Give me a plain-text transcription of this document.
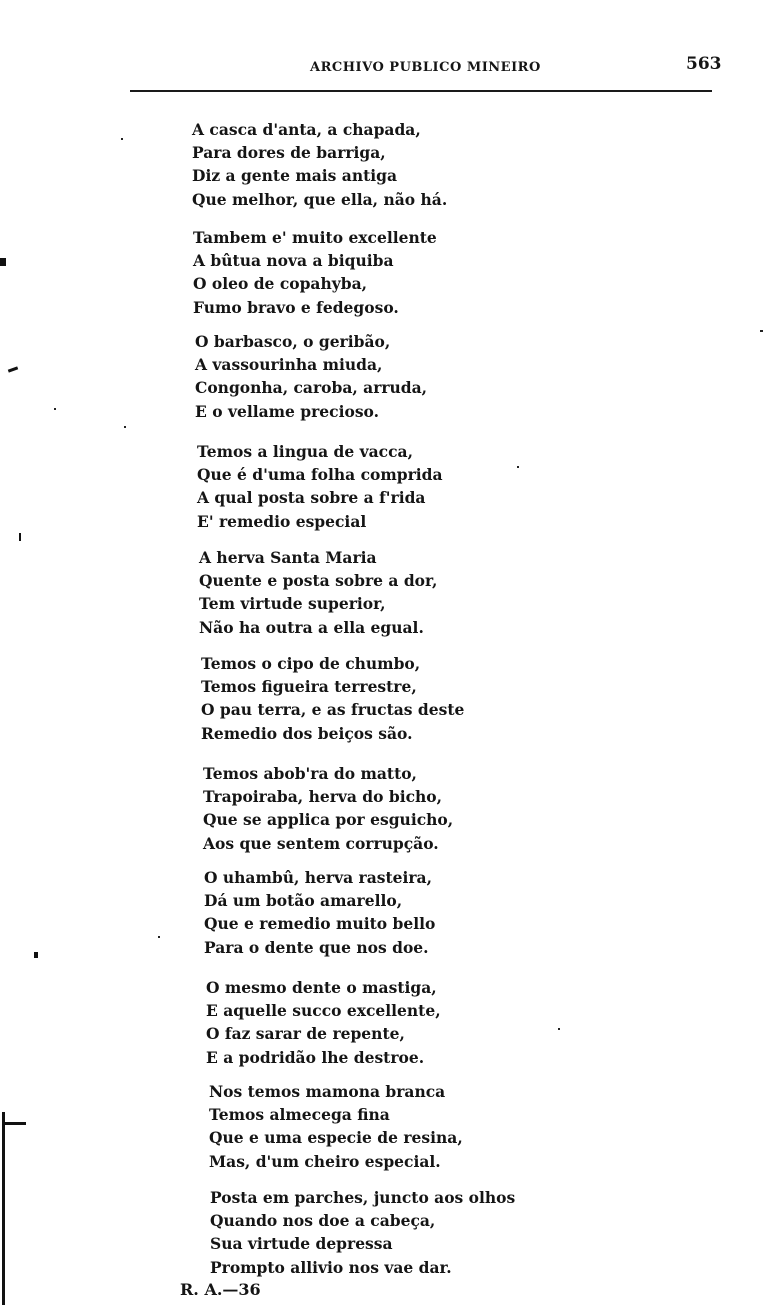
ARCHIVO PUBLICO MINEIRO	563
A casca d'anta, a chapada,
Para dores de barriga,
Diz a gente mais antiga
Que melhor, que ella, não há.
Tambem e' muito excellente
A bûtua nova a biquiba
O oleo de copahyba,
Fumo bravo e fedegoso.
O barbasco, o geribão,
A vassourinha miuda,
Congonha, caroba, arruda,
E o vellame precioso.
Temos a lingua de vacca,
Que é d'uma folha comprida
A qual posta sobre a f'rida
E' remedio especial
A herva Santa Maria
Quente e posta sobre a dor,
Tem virtude superior,
Não ha outra a ella egual.
Temos o cipo de chumbo,
Temos figueira terrestre,
O pau terra, e as fructas deste
Remedio dos beiços são.
Temos abob'ra do matto,
Trapoiraba, herva do bicho,
Que se applica por esguicho,
Aos que sentem corrupção.
O uhambû, herva rasteira,
Dá um botão amarello,
Que e remedio muito bello
Para o dente que nos doe.
O mesmo dente o mastiga,
E aquelle succo excellente,
O faz sarar de repente,
E a podridão lhe destroe.
Nos temos mamona branca
Temos almecega fina
Que e uma especie de resina,
Mas, d'um cheiro especial.
Posta em parches, juncto aos olhos
Quando nos doe a cabeça,
Sua virtude depressa
Prompto allivio nos vae dar.
R. A.—36
